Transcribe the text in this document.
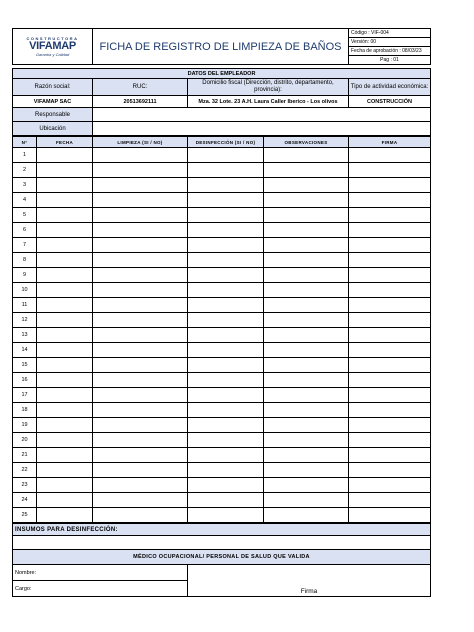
CONSTRUCTORA
VIFAMAP
Garantía y Calidad
	FICHA DE REGISTRO DE LIMPIEZA DE BAÑOS	Código : VIF-004
Versión: 00
Fecha de aprobación : 08/03/23
Pag : 01
DATOS DEL EMPLEADOR			
Razón social:	RUC:	Domicilio fiscal (Dirección, distrito, departamento, provincia):	Tipo de actividad económica:
VIFAMAP SAC	20513692111	Mza. 32 Lote. 23 A.H. Laura Caller Iberico - Los olivos	CONSTRUCCIÓN
Responsable			
Ubicación			
N°	FECHA	LIMPIEZA (SI / NO)	DESINFECCIÓN (SI / NO)	OBSERVACIONES	FIRMA
1					
2					
3					
4					
5					
6					
7					
8					
9					
10					
11					
12					
13					
14					
15					
16					
17					
18					
19					
20					
21					
22					
23					
24					
25					
INSUMOS PARA DESINFECCIÓN:

MÉDICO OCUPACIONAL/ PERSONAL DE SALUD QUE VALIDA
Nombre:	Firma
Cargo:
